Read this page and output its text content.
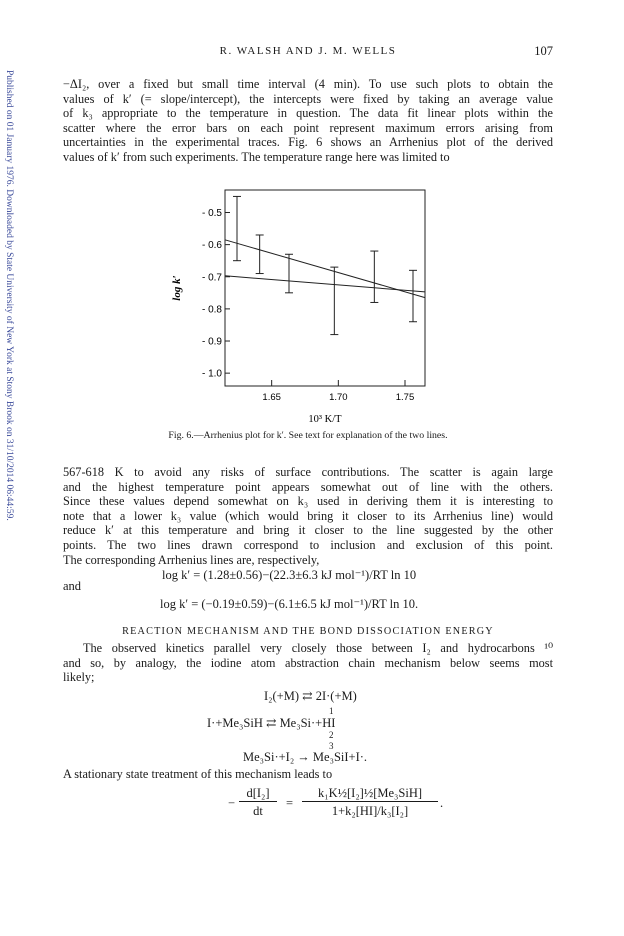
Published on 01 January 1976. Downloaded by State University of New York at Stony Brook on 31/10/2014 06:44:59.
R. WALSH AND J. M. WELLS	107
−ΔI₂, over a fixed but small time interval (4 min). To use such plots to obtain the
values of k′ (= slope/intercept), the intercepts were fixed by taking an average value
of k₃ appropriate to the temperature in question. The data fit linear plots within the
scatter where the error bars on each point represent maximum errors arising from
uncertainties in the experimental traces. Fig. 6 shows an Arrhenius plot of the derived
values of k′ from such experiments. The temperature range here was limited to
- 0.5
- 0.6
- 0.7
- 0.8
- 0.9
- 1.0
1.65	1.70	1.75
log k′
10³ K/T
Fig. 6.—Arrhenius plot for k′. See text for explanation of the two lines.
567-618 K to avoid any risks of surface contributions. The scatter is again large
and the highest temperature point appears somewhat out of line with the others.
Since these values depend somewhat on k₃ used in deriving them it is interesting to
note that a lower k₃ value (which would bring it closer to its Arrhenius line) would
reduce k′ at this temperature and bring it closer to the line suggested by the other
points. The two lines drawn correspond to inclusion and exclusion of this point.
The corresponding Arrhenius lines are, respectively,
log k′ = (1.28±0.56)−(22.3±6.3 kJ mol⁻¹)/RT ln 10
and
log k′ = (−0.19±0.59)−(6.1±6.5 kJ mol⁻¹)/RT ln 10.
REACTION MECHANISM AND THE BOND DISSOCIATION ENERGY
The observed kinetics parallel very closely those between I₂ and hydrocarbons ¹⁰
and so, by analogy, the iodine atom abstraction chain mechanism below seems most
likely;
I₂(+M) ⇄ 2I·(+M)
1
I·+Me₃SiH ⇄ Me₃Si·+HI
2
3
Me₃Si·+I₂ → Me₃SiI+I·.
A stationary state treatment of this mechanism leads to
−
d[I₂]
dt
=
k₁K½[I₂]½[Me₃SiH]
1+k₂[HI]/k₃[I₂]
.
